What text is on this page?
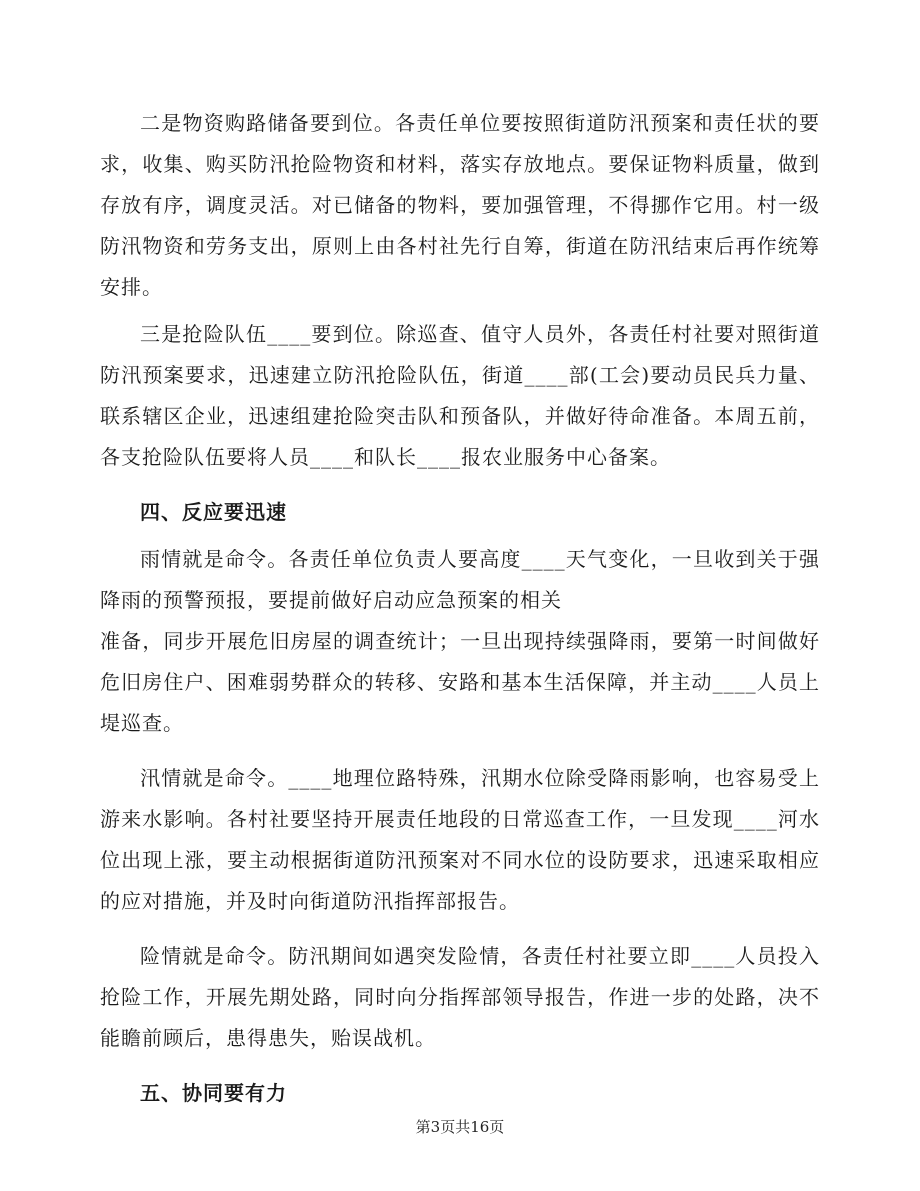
二是物资购路储备要到位。各责任单位要按照街道防汛预案和责任状的要求，收集、购买防汛抢险物资和材料，落实存放地点。要保证物料质量，做到存放有序，调度灵活。对已储备的物料，要加强管理，不得挪作它用。村一级防汛物资和劳务支出，原则上由各村社先行自筹，街道在防汛结束后再作统筹安排。

三是抢险队伍____要到位。除巡查、值守人员外，各责任村社要对照街道防汛预案要求，迅速建立防汛抢险队伍，街道____部(工会)要动员民兵力量、联系辖区企业，迅速组建抢险突击队和预备队，并做好待命准备。本周五前，各支抢险队伍要将人员____和队长____报农业服务中心备案。

四、反应要迅速

雨情就是命令。各责任单位负责人要高度____天气变化，一旦收到关于强降雨的预警预报，要提前做好启动应急预案的相关

准备，同步开展危旧房屋的调查统计；一旦出现持续强降雨，要第一时间做好危旧房住户、困难弱势群众的转移、安路和基本生活保障，并主动____人员上堤巡查。

汛情就是命令。____地理位路特殊，汛期水位除受降雨影响，也容易受上游来水影响。各村社要坚持开展责任地段的日常巡查工作，一旦发现____河水位出现上涨，要主动根据街道防汛预案对不同水位的设防要求，迅速采取相应的应对措施，并及时向街道防汛指挥部报告。

险情就是命令。防汛期间如遇突发险情，各责任村社要立即____人员投入抢险工作，开展先期处路，同时向分指挥部领导报告，作进一步的处路，决不能瞻前顾后，患得患失，贻误战机。

五、协同要有力

第3页共16页
